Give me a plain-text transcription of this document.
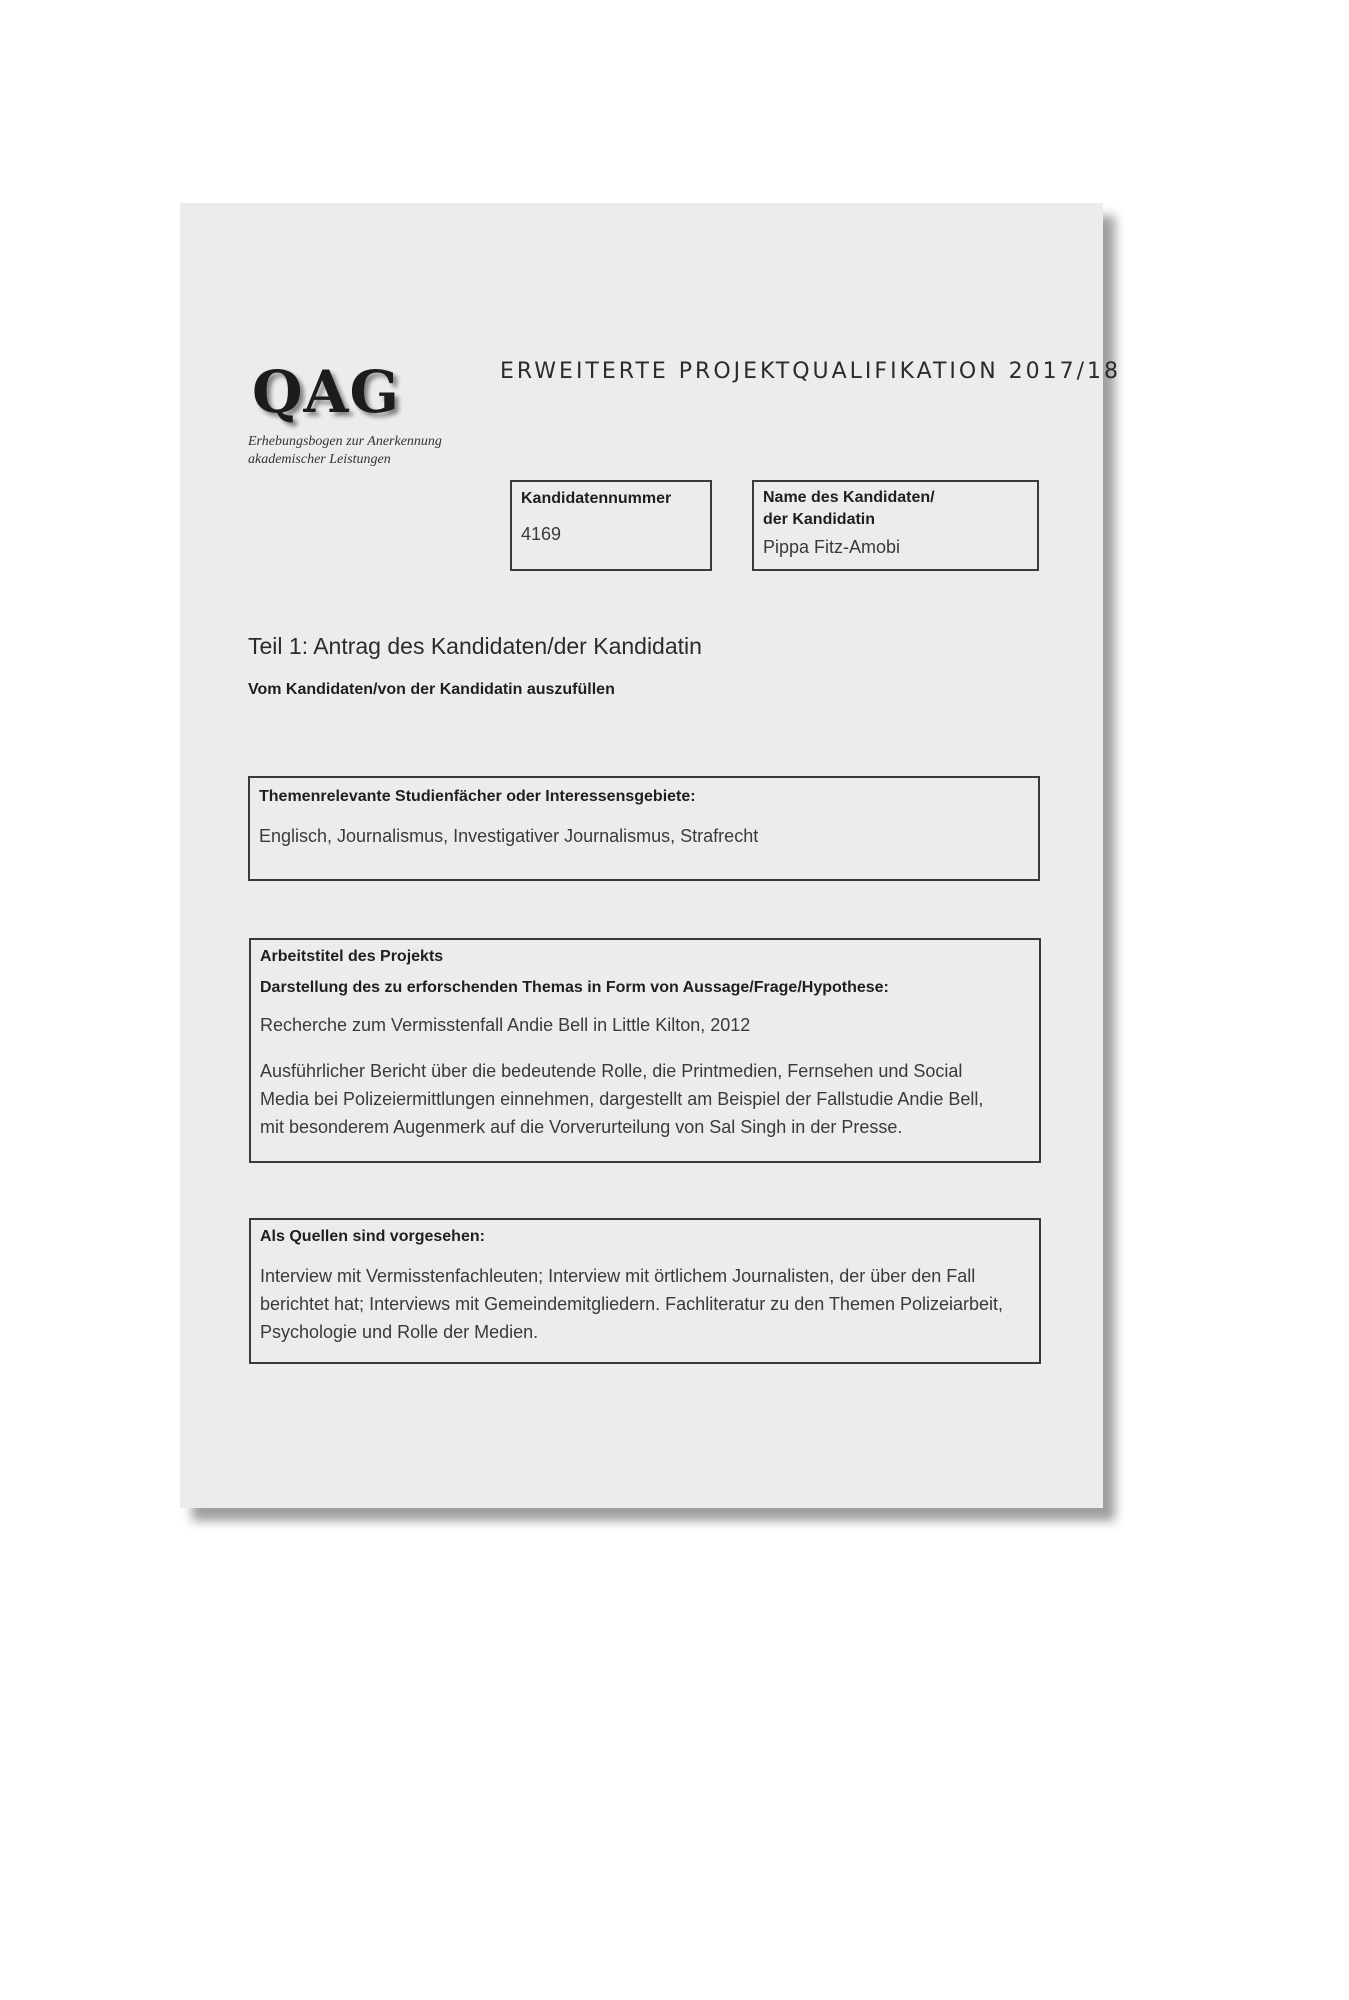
QAG
Erhebungsbogen zur Anerkennung
akademischer Leistungen
ERWEITERTE PROJEKTQUALIFIKATION 2017/18
Kandidatennummer
4169
Name des Kandidaten/
der Kandidatin
Pippa Fitz-Amobi
Teil 1: Antrag des Kandidaten/der Kandidatin
Vom Kandidaten/von der Kandidatin auszufüllen
Themenrelevante Studienfächer oder Interessensgebiete:
Englisch, Journalismus, Investigativer Journalismus, Strafrecht
Arbeitstitel des Projekts
Darstellung des zu erforschenden Themas in Form von Aussage/Frage/Hypothese:
Recherche zum Vermisstenfall Andie Bell in Little Kilton, 2012
Ausführlicher Bericht über die bedeutende Rolle, die Printmedien, Fernsehen und Social
Media bei Polizeiermittlungen einnehmen, dargestellt am Beispiel der Fallstudie Andie Bell,
mit besonderem Augenmerk auf die Vorverurteilung von Sal Singh in der Presse.
Als Quellen sind vorgesehen:
Interview mit Vermisstenfachleuten; Interview mit örtlichem Journalisten, der über den Fall
berichtet hat; Interviews mit Gemeindemitgliedern. Fachliteratur zu den Themen Polizeiarbeit,
Psychologie und Rolle der Medien.
